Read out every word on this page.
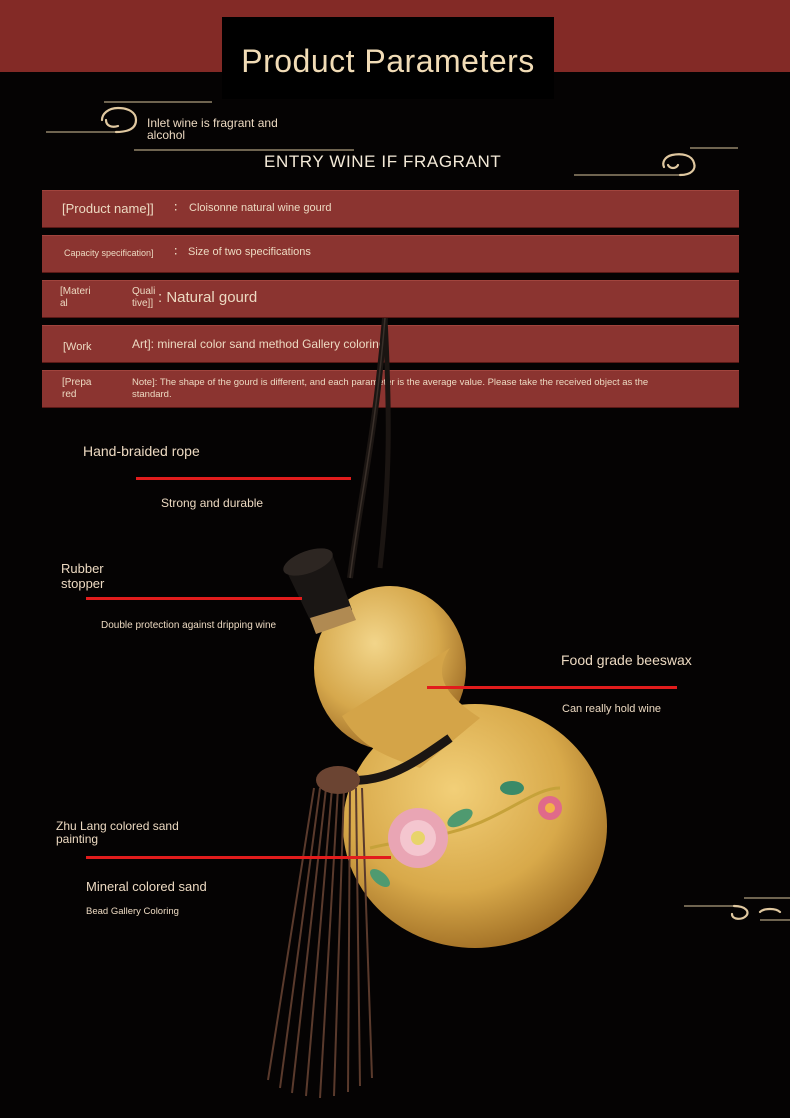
Product Parameters
Inlet wine is fragrant and alcohol
ENTRY WINE IF FRAGRANT
[Product name]] ∶ Cloisonne natural wine gourd
Capacity specification] ∶ Size of two specifications
[Materi al
Quali tive]] : Natural gourd
[Work	Art]: mineral color sand method Gallery coloring
[Prepa red
Note]: The shape of the gourd is different, and each parameter is the average value. Please take the received object as the standard.
Hand-braided rope
Strong and durable
Rubber stopper
Double protection against dripping wine
Food grade beeswax
Can really hold wine
Zhu Lang colored sand painting
Mineral colored sand
Bead Gallery Coloring
